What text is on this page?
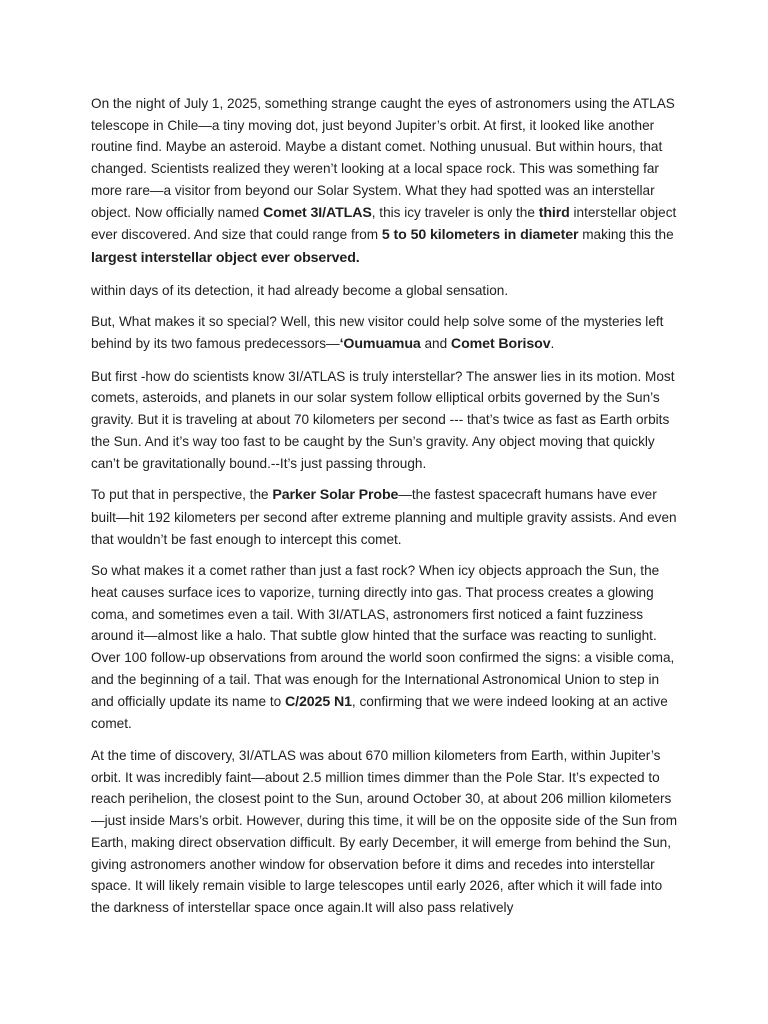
On the night of July 1, 2025, something strange caught the eyes of astronomers using the ATLAS telescope in Chile—a tiny moving dot, just beyond Jupiter’s orbit. At first, it looked like another routine find. Maybe an asteroid. Maybe a distant comet. Nothing unusual. But within hours, that changed. Scientists realized they weren’t looking at a local space rock. This was something far more rare—a visitor from beyond our Solar System. What they had spotted was an interstellar object. Now officially named Comet 3I/ATLAS, this icy traveler is only the third interstellar object ever discovered. And size that could range from 5 to 50 kilometers in diameter making this the largest interstellar object ever observed.

within days of its detection, it had already become a global sensation.

But, What makes it so special? Well, this new visitor could help solve some of the mysteries left behind by its two famous predecessors—‘Oumuamua and Comet Borisov.

But first -how do scientists know 3I/ATLAS is truly interstellar? The answer lies in its motion. Most comets, asteroids, and planets in our solar system follow elliptical orbits governed by the Sun’s gravity. But it is traveling at about 70 kilometers per second --- that’s twice as fast as Earth orbits the Sun. And it’s way too fast to be caught by the Sun’s gravity. Any object moving that quickly can’t be gravitationally bound.--It’s just passing through.

To put that in perspective, the Parker Solar Probe—the fastest spacecraft humans have ever built—hit 192 kilometers per second after extreme planning and multiple gravity assists. And even that wouldn’t be fast enough to intercept this comet.

So what makes it a comet rather than just a fast rock? When icy objects approach the Sun, the heat causes surface ices to vaporize, turning directly into gas. That process creates a glowing coma, and sometimes even a tail. With 3I/ATLAS, astronomers first noticed a faint fuzziness around it—almost like a halo. That subtle glow hinted that the surface was reacting to sunlight. Over 100 follow-up observations from around the world soon confirmed the signs: a visible coma, and the beginning of a tail. That was enough for the International Astronomical Union to step in and officially update its name to C/2025 N1, confirming that we were indeed looking at an active comet.

At the time of discovery, 3I/ATLAS was about 670 million kilometers from Earth, within Jupiter’s orbit. It was incredibly faint—about 2.5 million times dimmer than the Pole Star. It’s expected to reach perihelion, the closest point to the Sun, around October 30, at about 206 million kilometers—just inside Mars’s orbit. However, during this time, it will be on the opposite side of the Sun from Earth, making direct observation difficult. By early December, it will emerge from behind the Sun, giving astronomers another window for observation before it dims and recedes into interstellar space. It will likely remain visible to large telescopes until early 2026, after which it will fade into the darkness of interstellar space once again.It will also pass relatively
